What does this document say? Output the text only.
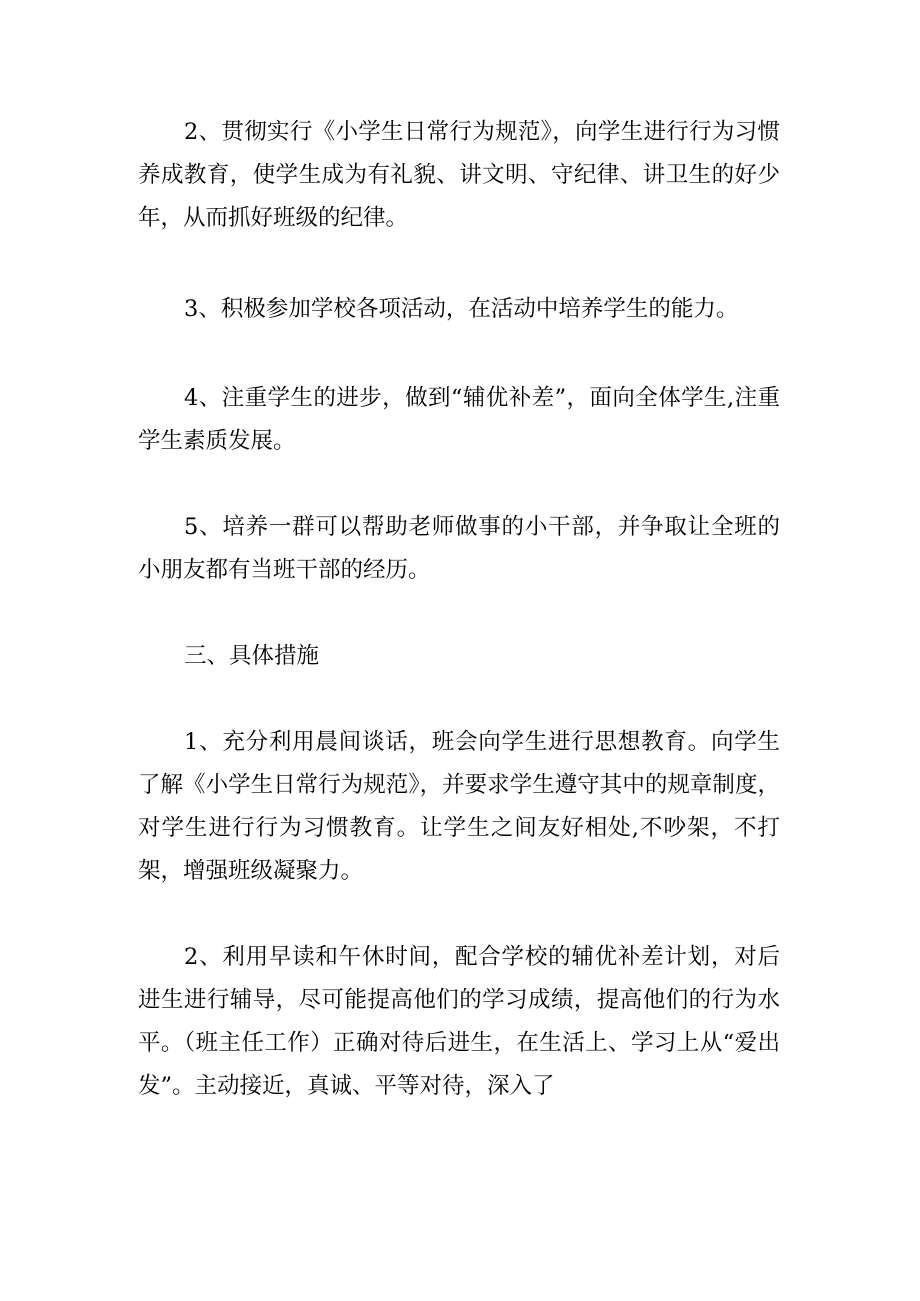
2、贯彻实行《小学生日常行为规范》，向学生进行行为习惯养成教育，使学生成为有礼貌、讲文明、守纪律、讲卫生的好少年，从而抓好班级的纪律。

3、积极参加学校各项活动，在活动中培养学生的能力。

4、注重学生的进步，做到“辅优补差”，面向全体学生,注重学生素质发展。

5、培养一群可以帮助老师做事的小干部，并争取让全班的小朋友都有当班干部的经历。

三、具体措施

1、充分利用晨间谈话，班会向学生进行思想教育。向学生了解《小学生日常行为规范》，并要求学生遵守其中的规章制度，对学生进行行为习惯教育。让学生之间友好相处,不吵架，不打架，增强班级凝聚力。

2、利用早读和午休时间，配合学校的辅优补差计划，对后进生进行辅导，尽可能提高他们的学习成绩，提高他们的行为水平。（班主任工作）正确对待后进生，在生活上、学习上从“爱出发”。主动接近，真诚、平等对待，深入了
